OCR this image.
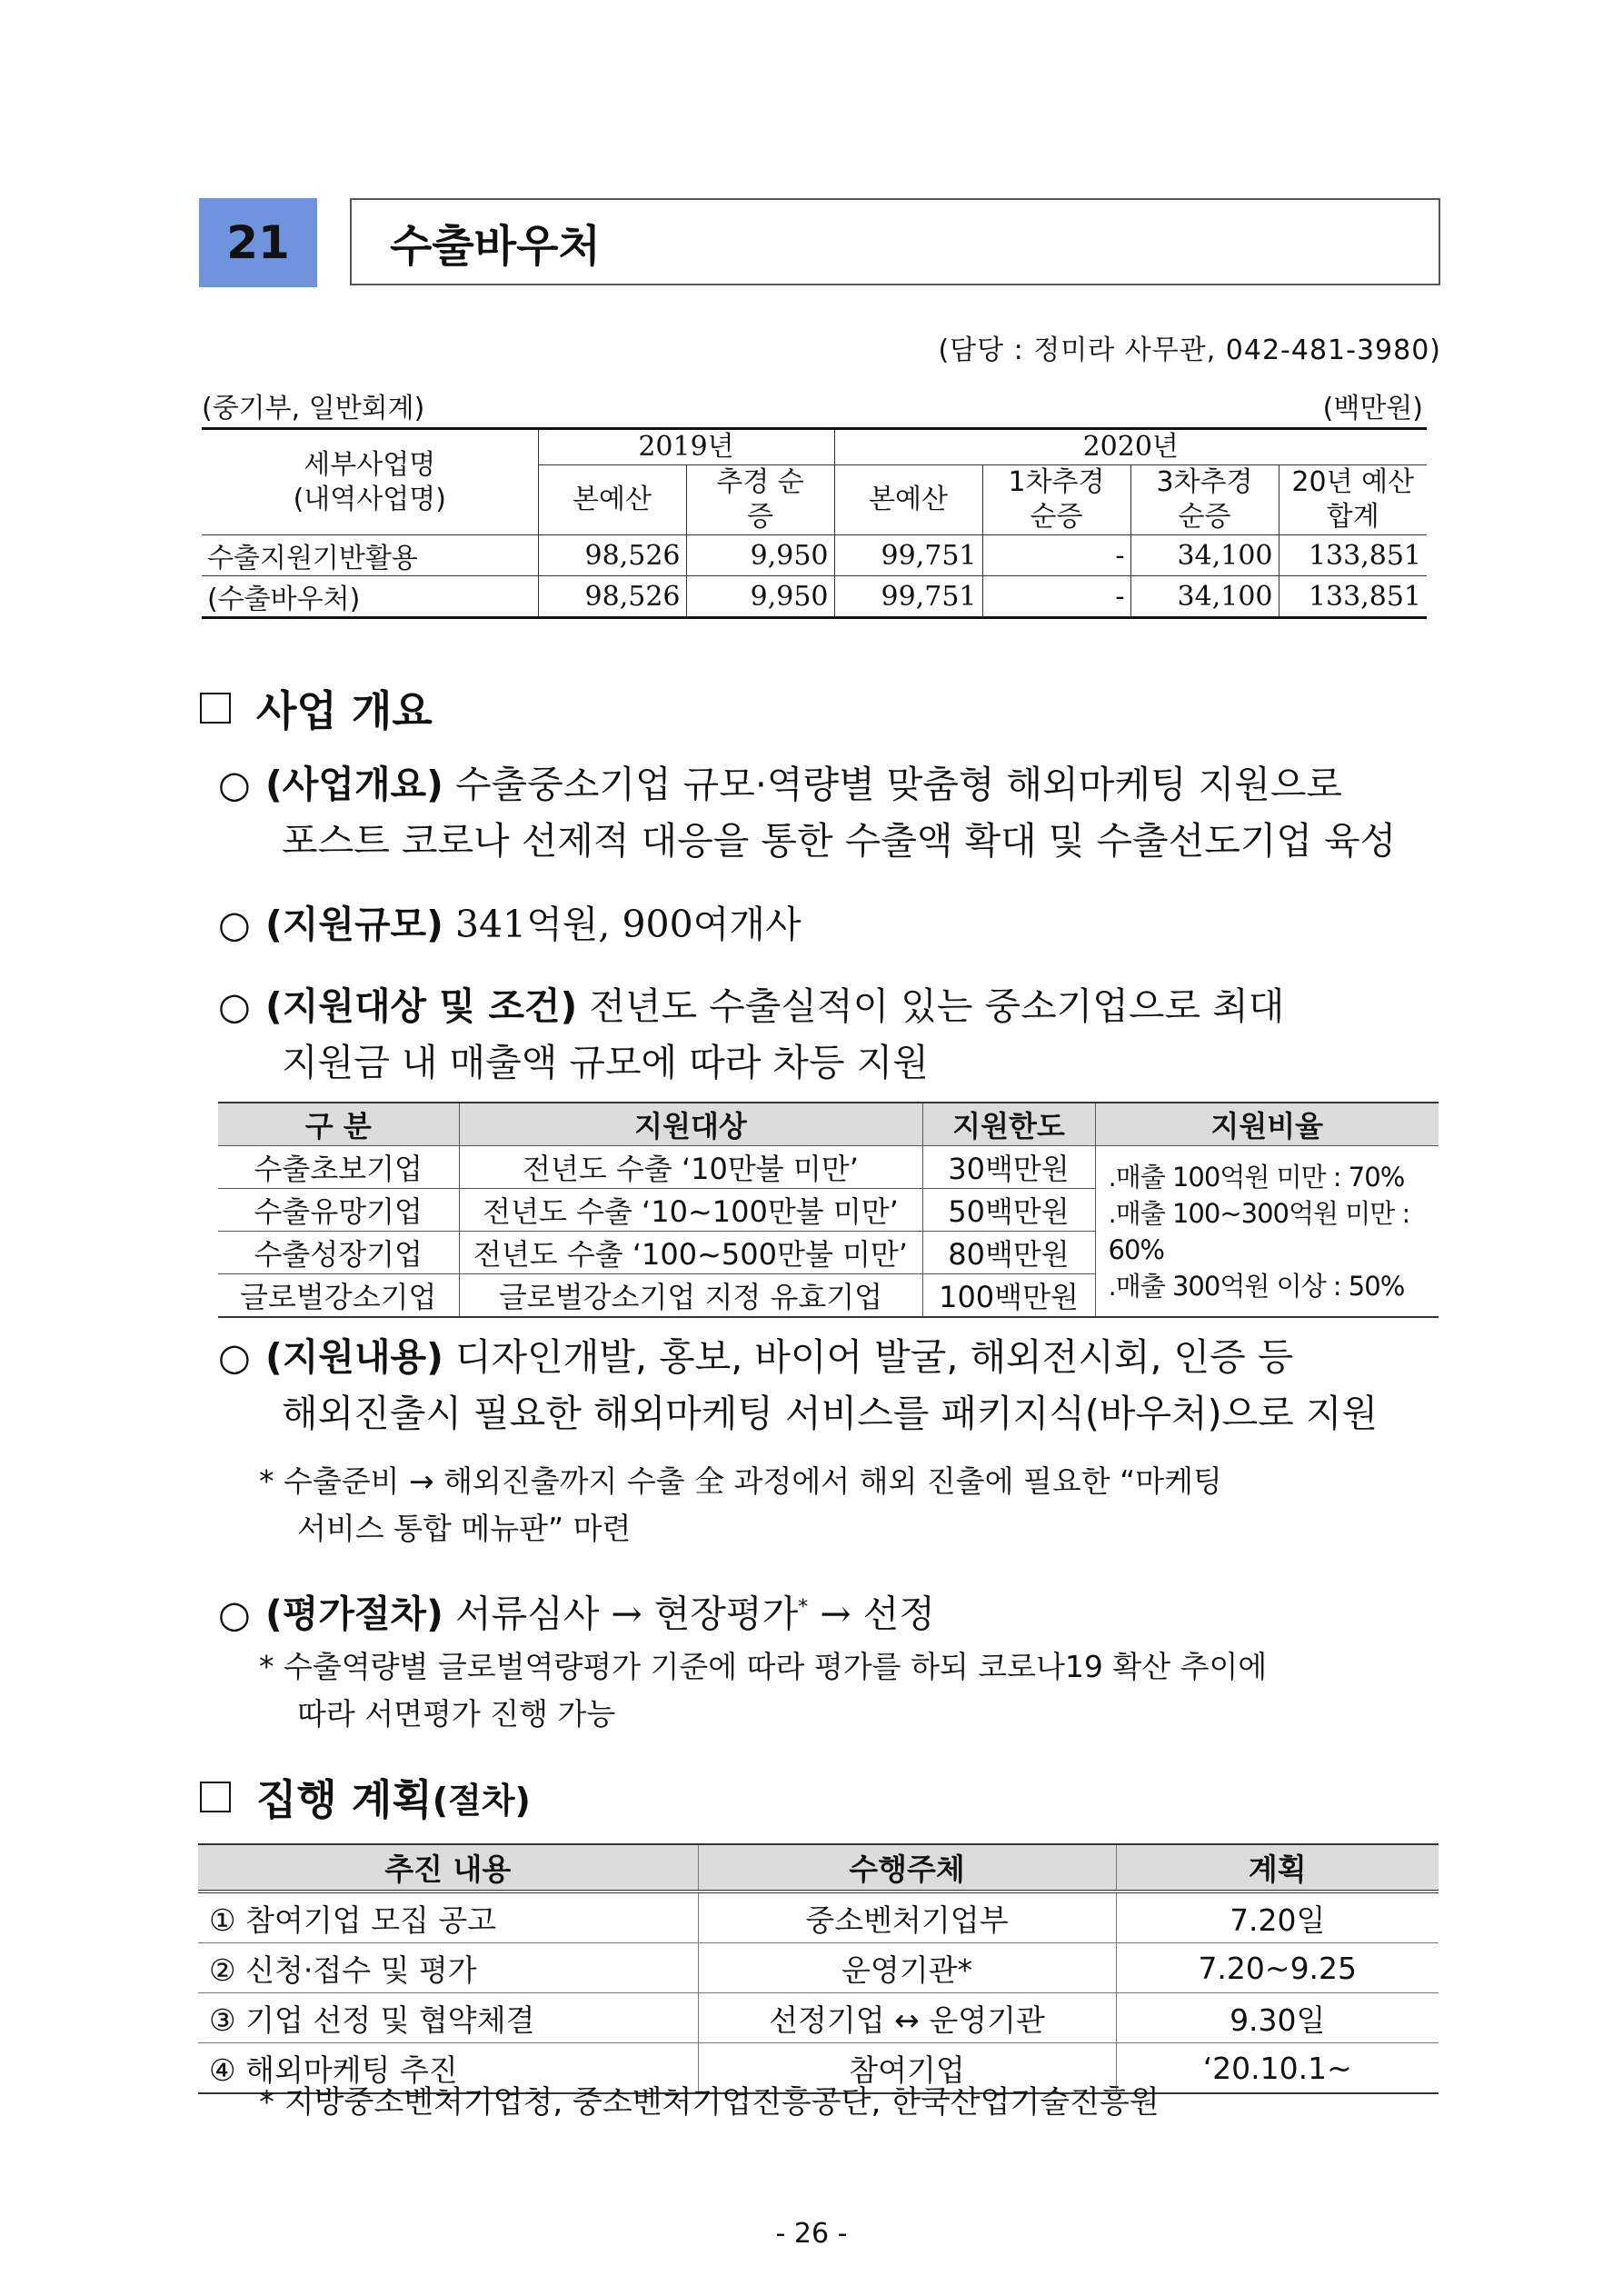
21	수출바우처
(담당 : 정미라 사무관, 042-481-3980)
(중기부, 일반회계)	(백만원)
세부사업명
(내역사업명)	2019년		2020년			
	본예산	추경 순증	본예산	1차추경 순증	3차추경 순증	20년 예산 합계
수출지원기반활용	98,526	9,950	99,751	-	34,100	133,851
(수출바우처)	98,526	9,950	99,751	-	34,100	133,851
사업 개요
○ (사업개요) 수출중소기업 규모·역량별 맞춤형 해외마케팅 지원으로
포스트 코로나 선제적 대응을 통한 수출액 확대 및 수출선도기업 육성
○ (지원규모) 341억원, 900여개사
○ (지원대상 및 조건) 전년도 수출실적이 있는 중소기업으로 최대
지원금 내 매출액 규모에 따라 차등 지원
구 분	지원대상	지원한도	지원비율
수출초보기업	전년도 수출 ‘10만불 미만’	30백만원	.매출 100억원 미만 : 70%
.매출 100~300억원 미만 : 60%
.매출 300억원 이상 : 50%

수출유망기업	전년도 수출 ‘10~100만불 미만’	50백만원	
수출성장기업	전년도 수출 ‘100~500만불 미만’	80백만원	
글로벌강소기업	글로벌강소기업 지정 유효기업	100백만원	
○ (지원내용) 디자인개발, 홍보, 바이어 발굴, 해외전시회, 인증 등
해외진출시 필요한 해외마케팅 서비스를 패키지식(바우처)으로 지원
* 수출준비 → 해외진출까지 수출 全 과정에서 해외 진출에 필요한 “마케팅
서비스 통합 메뉴판” 마련
○ (평가절차) 서류심사 → 현장평가* → 선정
* 수출역량별 글로벌역량평가 기준에 따라 평가를 하되 코로나19 확산 추이에
따라 서면평가 진행 가능
집행 계획 (절차)
추진 내용	수행주체	계획
① 참여기업 모집 공고	중소벤처기업부	7.20일
② 신청·접수 및 평가	운영기관*	7.20~9.25
③ 기업 선정 및 협약체결	선정기업 ↔ 운영기관	9.30일
④ 해외마케팅 추진	참여기업	‘20.10.1~
* 지방중소벤처기업청, 중소벤처기업진흥공단, 한국산업기술진흥원
- 26 -
